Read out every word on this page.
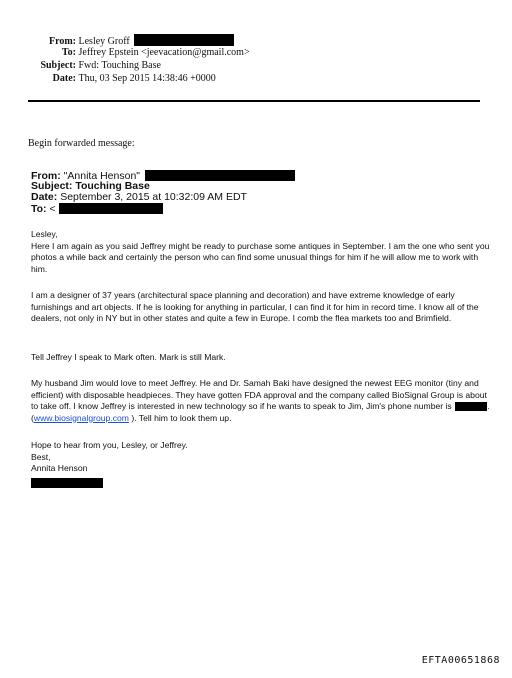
From: Lesley Groff
To: Jeffrey Epstein <jeevacation@gmail.com>
Subject: Fwd: Touching Base
Date: Thu, 03 Sep 2015 14:38:46 +0000
Begin forwarded message:
From: "Annita Henson"
Subject: Touching Base
Date: September 3, 2015 at 10:32:09 AM EDT
To: <

Lesley,

Here I am again as you said Jeffrey might be ready to purchase some antiques in September. I am the one who sent you photos a while back and certainly the person who can find some unusual things for him if he will allow me to work with him.

I am a designer of 37 years (architectural space planning and decoration) and have extreme knowledge of early furnishings and art objects. If he is looking for anything in particular, I can find it for him in record time. I know all of the dealers, not only in NY but in other states and quite a few in Europe. I comb the flea markets too and Brimfield.
Tell Jeffrey I speak to Mark often. Mark is still Mark.
My husband Jim would love to meet Jeffrey. He and Dr. Samah Baki have designed the newest EEG monitor (tiny and efficient) with disposable headpieces. They have gotten FDA approval and the company called BioSignal Group is about to take off. I know Jeffrey is interested in new technology so if he wants to speak to Jim, Jim's phone number is	. (www.biosignalgroup.com ). Tell him to look them up.

Hope to hear from you, Lesley, or Jeffrey.

Best,

Annita Henson

EFTA00651868
